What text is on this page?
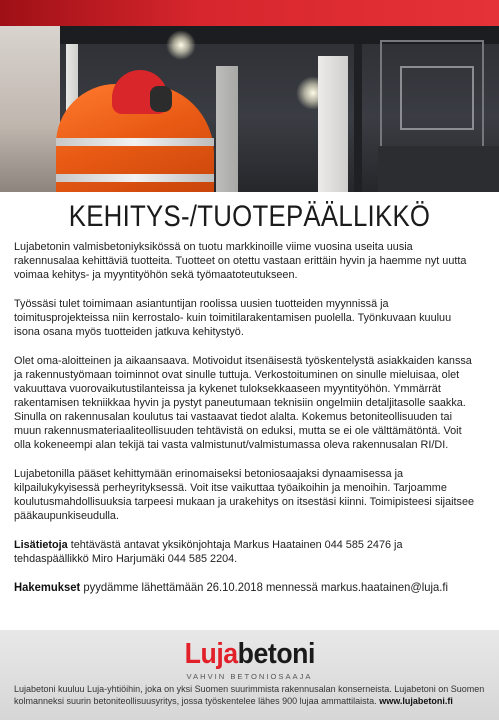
KEHITYS-/TUOTEPÄÄLLIKKÖ

Lujabetonin valmisbetoniyksikössä on tuotu markkinoille viime vuosina useita uusia rakennusalaa kehittäviä tuotteita. Tuotteet on otettu vastaan erittäin hyvin ja haemme nyt uutta voimaa kehitys- ja myyntityöhön sekä työmaatoteutukseen.

Työssäsi tulet toimimaan asiantuntijan roolissa uusien tuotteiden myynnissä ja toimitusprojekteissa niin kerrostalo- kuin toimitilarakentamisen puolella. Työnkuvaan kuuluu isona osana myös tuotteiden jatkuva kehitystyö.

Olet oma-aloitteinen ja aikaansaava. Motivoidut itsenäisestä työskentelystä asiakkaiden kanssa ja rakennustyömaan toiminnot ovat sinulle tuttuja. Verkostoituminen on sinulle mieluisaa, olet vakuuttava vuorovaikutustilanteissa ja kykenet tuloksekkaaseen myyntityöhön. Ymmärrät rakentamisen tekniikkaa hyvin ja pystyt paneutumaan teknisiin ongelmiin detaljitasolle saakka. Sinulla on rakennusalan koulutus tai vastaavat tiedot alalta. Kokemus betoniteollisuuden tai muun rakennusmateriaaliteollisuuden tehtävistä on eduksi, mutta se ei ole välttämätöntä. Voit olla kokeneempi alan tekijä tai vasta valmistunut/valmistumassa oleva rakennusalan RI/DI.

Lujabetonilla pääset kehittymään erinomaiseksi betoniosaajaksi dynaamisessa ja kilpailukykyisessä perheyrityksessä. Voit itse vaikuttaa työaikoihin ja menoihin. Tarjoamme koulutusmahdollisuuksia tarpeesi mukaan ja urakehitys on itsestäsi kiinni. Toimipisteesi sijaitsee pääkaupunkiseudulla.

Lisätietoja tehtävästä antavat yksikönjohtaja Markus Haatainen 044 585 2476 ja tehdaspäällikkö Miro Harjumäki 044 585 2204.

Hakemukset pyydämme lähettämään 26.10.2018 mennessä markus.haatainen@luja.fi

Lujabetoni
VAHVIN BETONIOSAAJA
Lujabetoni kuuluu Luja-yhtiöihin, joka on yksi Suomen suurimmista rakennusalan konserneista. Lujabetoni on Suomen kolmanneksi suurin betoniteollisuusyritys, jossa työskentelee lähes 900 lujaa ammattilaista. www.lujabetoni.fi
